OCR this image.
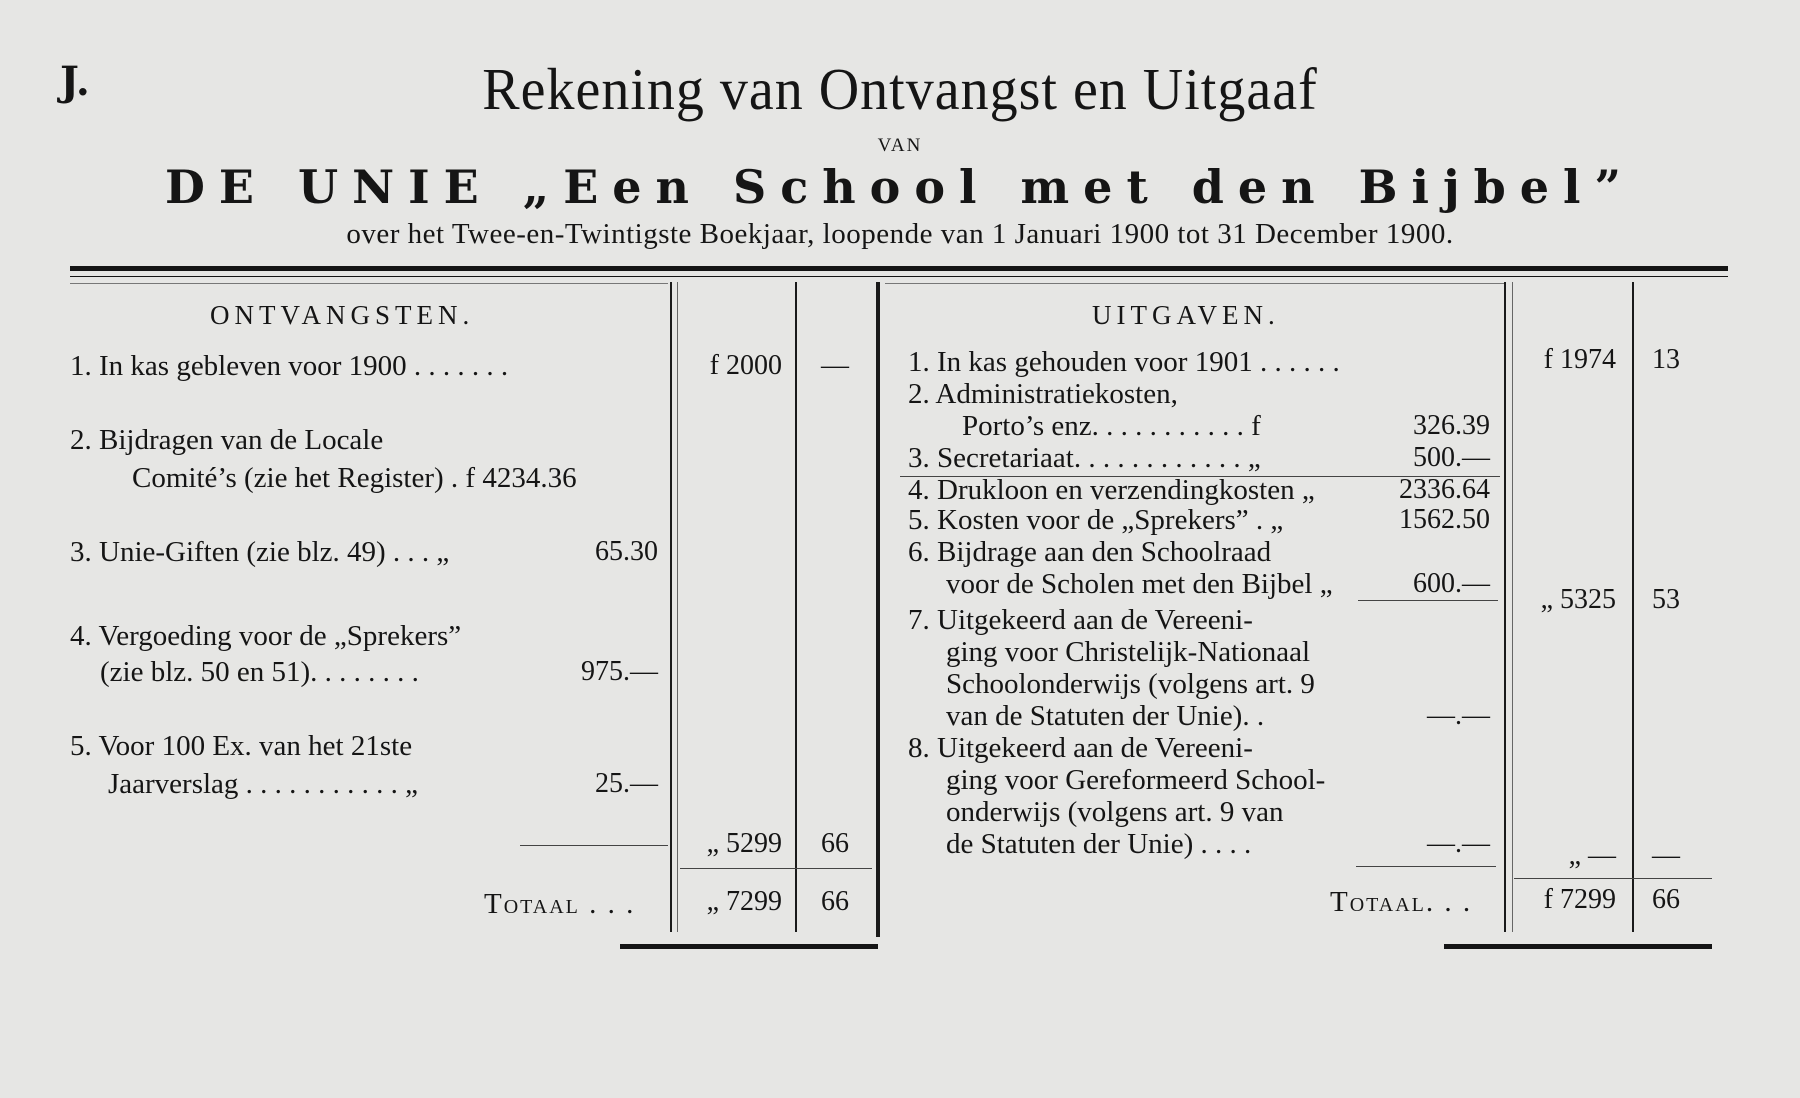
J.	Rekening van Ontvangst en Uitgaaf
VAN
DE UNIE „Een School met den Bijbel”
over het Twee-en-Twintigste Boekjaar, loopende van 1 Januari 1900 tot 31 December 1900.
ONTVANGSTEN.
1. In kas gebleven voor 1900 . . . . . . .	f 2000	—
2. Bijdragen van de Locale
Comité’s (zie het Register) . f 4234.36
3. Unie-Giften (zie blz. 49) . . . „	65.30
4. Vergoeding voor de „Sprekers”
(zie blz. 50 en 51). . . . . . . .	975.—
5. Voor 100 Ex. van het 21ste
Jaarverslag . . . . . . . . . . . „	25.—
„ 5299	66
Totaal . . .	„ 7299	66
UITGAVEN.
1. In kas gehouden voor 1901 . . . . . .	f 1974	13
2. Administratiekosten,
Porto’s enz. . . . . . . . . . . f	326.39
3. Secretariaat. . . . . . . . . . . . „	500.—
4. Drukloon en verzendingkosten „	2336.64
5. Kosten voor de „Sprekers” . „	1562.50
6. Bijdrage aan den Schoolraad
voor de Scholen met den Bijbel „	600.—
„ 5325	53
7. Uitgekeerd aan de Vereeni-
ging voor Christelijk-Nationaal
Schoolonderwijs (volgens art. 9
van de Statuten der Unie). .	—.—
8. Uitgekeerd aan de Vereeni-
ging voor Gereformeerd School-
onderwijs (volgens art. 9 van
de Statuten der Unie) . . . .	—.—	„ —	—
Totaal. . .	f 7299	66
